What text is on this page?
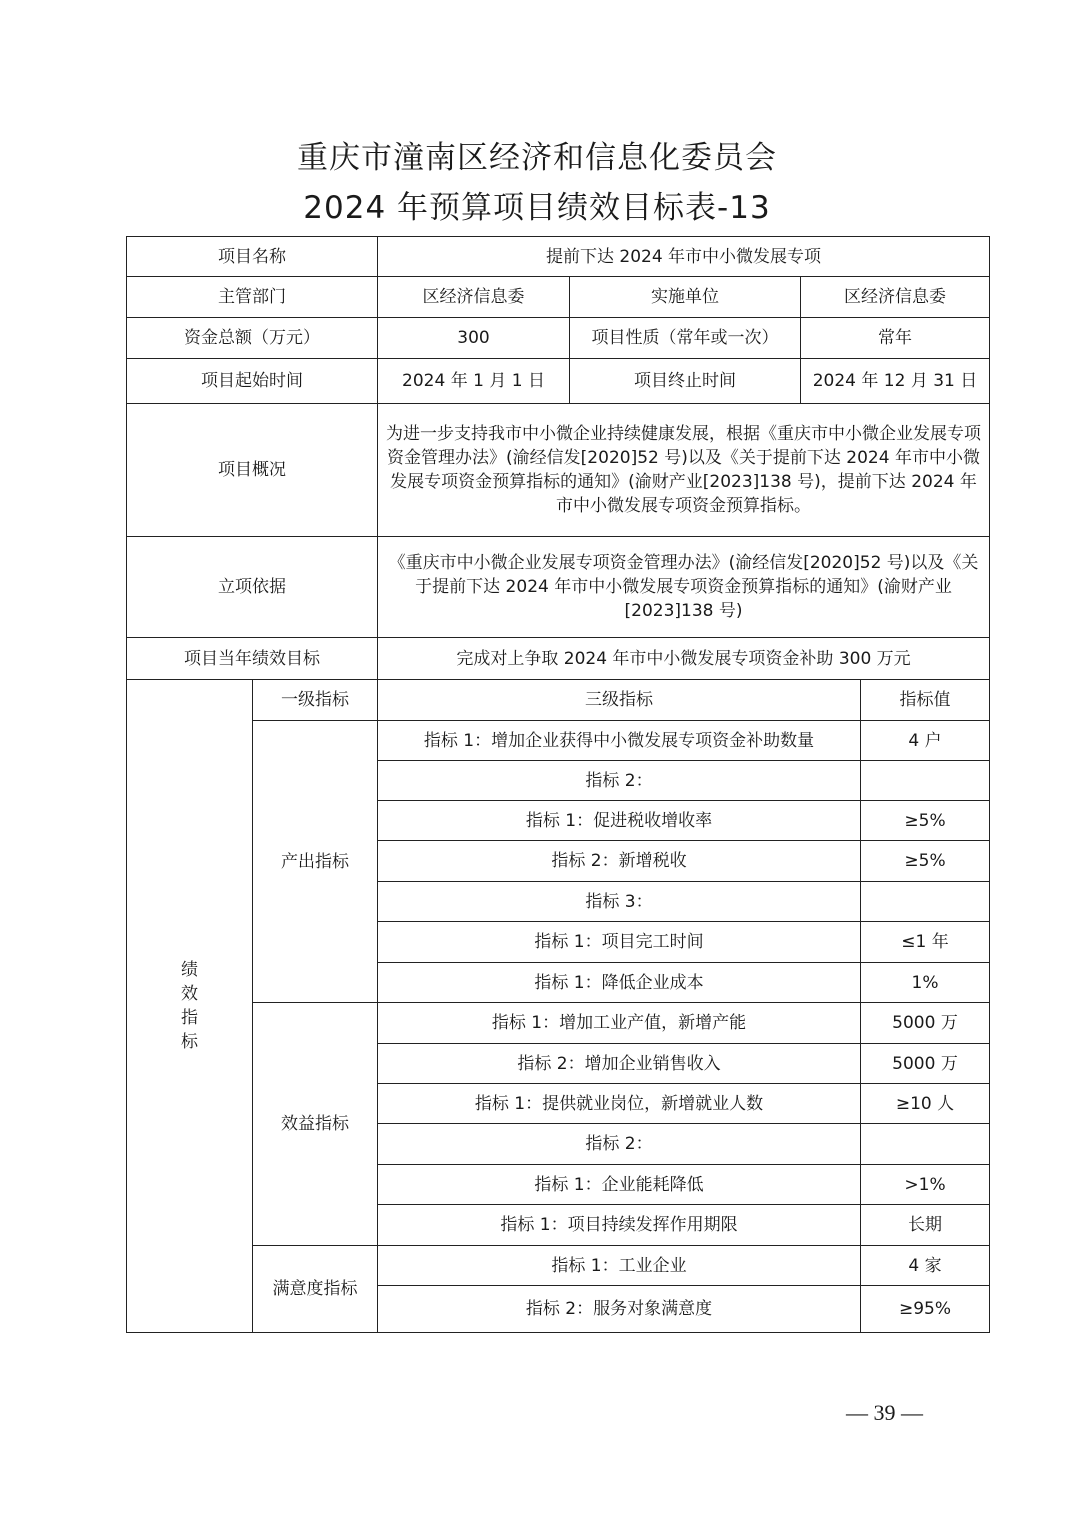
重庆市潼南区经济和信息化委员会
2024 年预算项目绩效目标表-13
项目名称		提前下达 2024 年市中小微发展专项			
主管部门		区经济信息委	实施单位	区经济信息委	
资金总额（万元）		300	项目性质（常年或一次）	常年	
项目起始时间		2024 年 1 月 1 日	项目终止时间	2024 年 12 月 31 日	
项目概况		为进一步支持我市中小微企业持续健康发展，根据《重庆市中小微企业发展专项资金管理办法》(渝经信发[2020]52 号)以及《关于提前下达 2024 年市中小微发展专项资金预算指标的通知》(渝财产业[2023]138 号)，提前下达 2024 年市中小微发展专项资金预算指标。			
立项依据		《重庆市中小微企业发展专项资金管理办法》(渝经信发[2020]52 号)以及《关于提前下达 2024 年市中小微发展专项资金预算指标的通知》(渝财产业[2023]138 号)			
项目当年绩效目标		完成对上争取 2024 年市中小微发展专项资金补助 300 万元			
绩
效
指
标	一级指标	三级指标			指标值
	产出指标	指标 1：增加企业获得中小微发展专项资金补助数量			4 户
		指标 2：			
		指标 1：促进税收增收率			≥5%
		指标 2：新增税收			≥5%
		指标 3：			
		指标 1：项目完工时间			≤1 年
		指标 1：降低企业成本			1%
	效益指标	指标 1：增加工业产值，新增产能			5000 万
		指标 2：增加企业销售收入			5000 万
		指标 1：提供就业岗位，新增就业人数			≥10 人
		指标 2：			
		指标 1：企业能耗降低			>1%
		指标 1：项目持续发挥作用期限			长期
	满意度指标	指标 1：工业企业			4 家
		指标 2：服务对象满意度			≥95%
— 39 —
